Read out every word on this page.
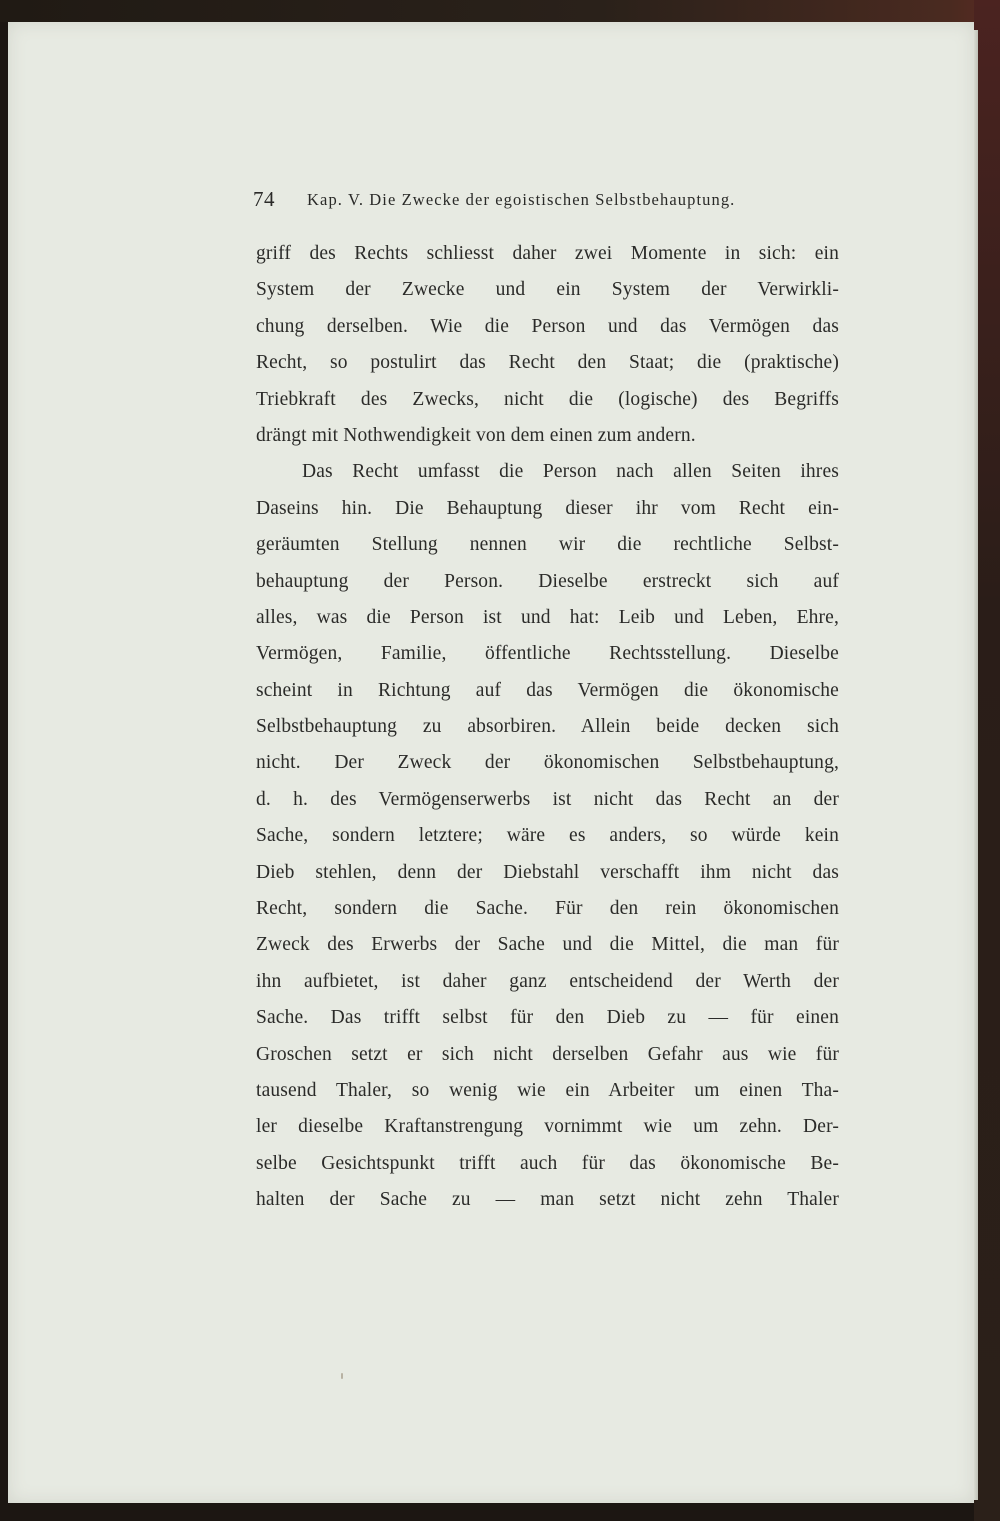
74 Kap. V. Die Zwecke der egoistischen Selbstbehauptung.
griff des Rechts schliesst daher zwei Momente in sich: ein
System der Zwecke und ein System der Verwirkli-
chung derselben. Wie die Person und das Vermögen das
Recht, so postulirt das Recht den Staat; die (praktische)
Triebkraft des Zwecks, nicht die (logische) des Begriffs
drängt mit Nothwendigkeit von dem einen zum andern.
Das Recht umfasst die Person nach allen Seiten ihres
Daseins hin. Die Behauptung dieser ihr vom Recht ein-
geräumten Stellung nennen wir die rechtliche Selbst-
behauptung der Person. Dieselbe erstreckt sich auf
alles, was die Person ist und hat: Leib und Leben, Ehre,
Vermögen, Familie, öffentliche Rechtsstellung. Dieselbe
scheint in Richtung auf das Vermögen die ökonomische
Selbstbehauptung zu absorbiren. Allein beide decken sich
nicht. Der Zweck der ökonomischen Selbstbehauptung,
d. h. des Vermögenserwerbs ist nicht das Recht an der
Sache, sondern letztere; wäre es anders, so würde kein
Dieb stehlen, denn der Diebstahl verschafft ihm nicht das
Recht, sondern die Sache. Für den rein ökonomischen
Zweck des Erwerbs der Sache und die Mittel, die man für
ihn aufbietet, ist daher ganz entscheidend der Werth der
Sache. Das trifft selbst für den Dieb zu — für einen
Groschen setzt er sich nicht derselben Gefahr aus wie für
tausend Thaler, so wenig wie ein Arbeiter um einen Tha-
ler dieselbe Kraftanstrengung vornimmt wie um zehn. Der-
selbe Gesichtspunkt trifft auch für das ökonomische Be-
halten der Sache zu — man setzt nicht zehn Thaler
